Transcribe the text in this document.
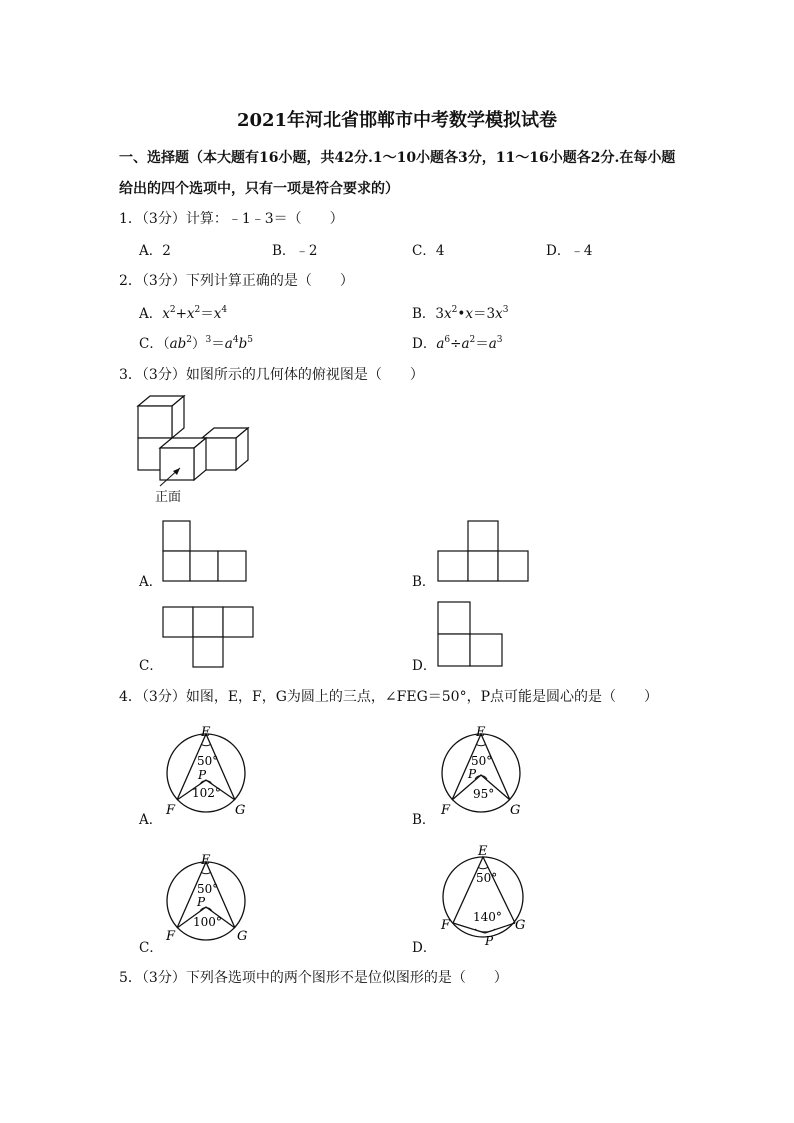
2021年河北省邯郸市中考数学模拟试卷
一、选择题（本大题有16小题，共42分.1～10小题各3分，11～16小题各2分.在每小题
给出的四个选项中，只有一项是符合要求的）
1．（3分）计算：﹣1﹣3＝（　　）
A．2	B．﹣2	C．4	D．﹣4
2．（3分）下列计算正确的是（　　）
A．$x^2+x^2=x^4$	B．$3x^2•x=3x^3$
C．$(ab^2)^3=a^4b^5$	D．$a^6\div a^2=a^3$
3．（3分）如图所示的几何体的俯视图是（　　）
正面
A．	B．
C．	D．
4．（3分）如图，E，F，G为圆上的三点，∠FEG＝50°，P点可能是圆心的是（　　）
A．
E
50°
P
102°
F	G
B．
E
50°
P
95°
F	G
C．
E
50°
P
100°
F	G
D．
E
50°
140°
F	G
P
5．（3分）下列各选项中的两个图形不是位似图形的是（　　）
